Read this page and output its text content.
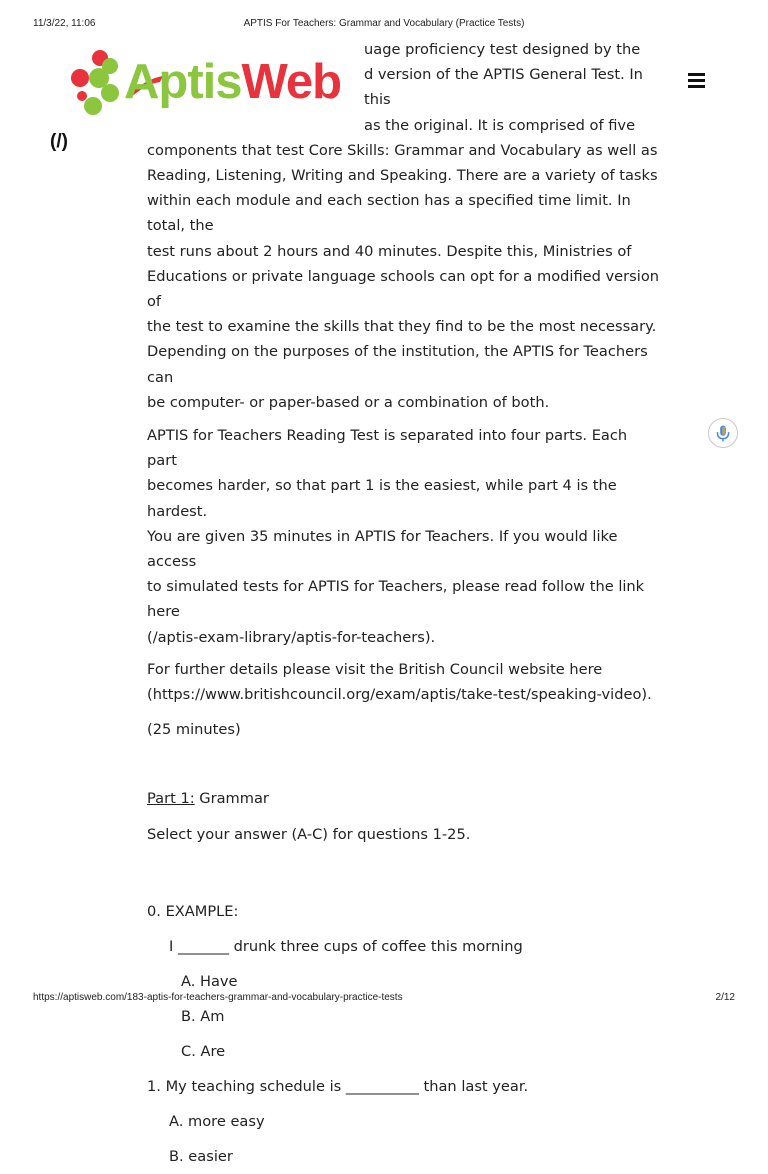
11/3/22, 11:06	APTIS For Teachers: Grammar and Vocabulary (Practice Tests)

uage proficiency test designed by the

d version of the APTIS General Test. In this

as the original. It is comprised of five

components that test Core Skills: Grammar and Vocabulary as well as

Reading, Listening, Writing and Speaking. There are a variety of tasks

within each module and each section has a specified time limit. In total, the

test runs about 2 hours and 40 minutes. Despite this, Ministries of

Educations or private language schools can opt for a modified version of

the test to examine the skills that they find to be the most necessary.

Depending on the purposes of the institution, the APTIS for Teachers can

be computer- or paper-based or a combination of both.

APTIS for Teachers Reading Test is separated into four parts. Each part

becomes harder, so that part 1 is the easiest, while part 4 is the hardest.

You are given 35 minutes in APTIS for Teachers. If you would like access

to simulated tests for APTIS for Teachers, please read follow the link here

(/aptis-exam-library/aptis-for-teachers).

For further details please visit the British Council website here

(https://www.britishcouncil.org/exam/aptis/take-test/speaking-video).

(25 minutes)

Part 1: Grammar

Select your answer (A-C) for questions 1-25.

0. EXAMPLE:
I _______ drunk three cups of coffee this morning
A. Have
B. Am
C. Are
1. My teaching schedule is __________ than last year.
A. more easy
B. easier
AptisWeb
(/)
https://aptisweb.com/183-aptis-for-teachers-grammar-and-vocabulary-practice-tests	2/12
